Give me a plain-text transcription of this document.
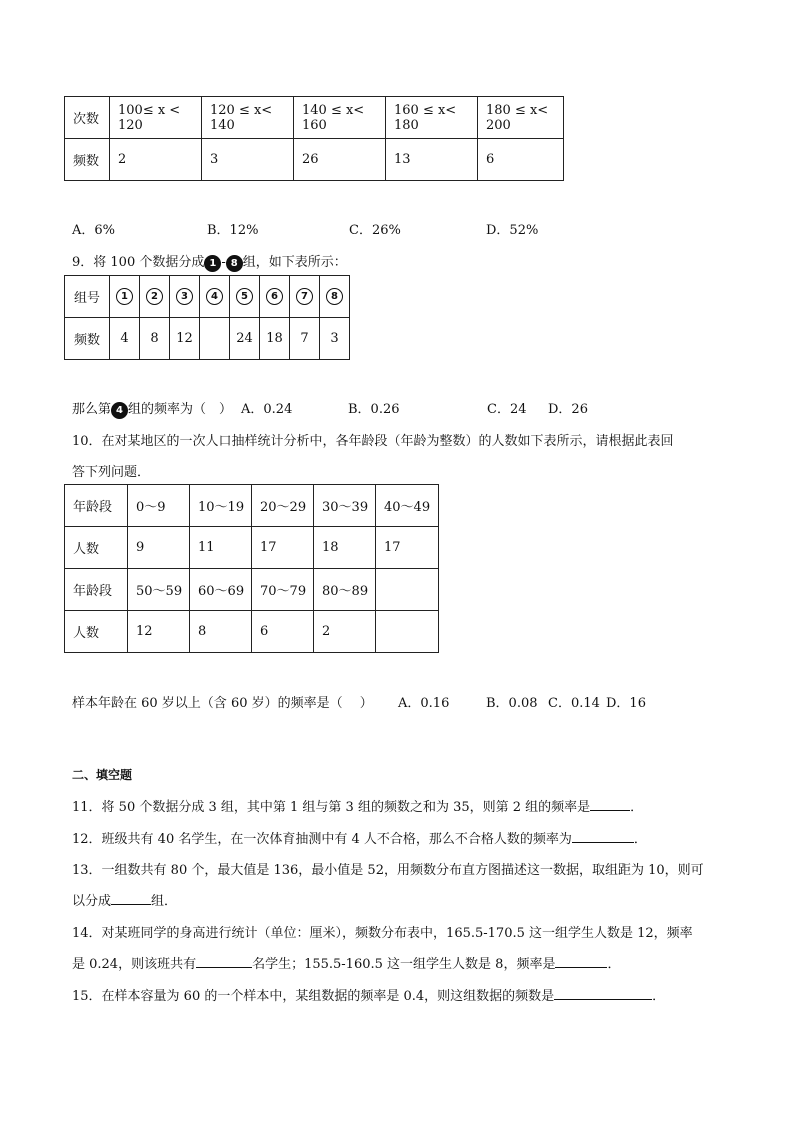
次数	100≤ x < 120	120 ≤ x< 140	140 ≤ x< 160	160 ≤ x< 180	180 ≤ x< 200
频数	2	3	26	13	6
A．6%	B．12%	C．26%	D．52%
9．将 100 个数据分成 1 - 8 组，如下表所示：
组号	1	2	3	4	5	6	7	8
频数	4	8	12		24	18	7	3
那么第 4 组的频率为（　） A．0.24	B．0.26	C．24 D．26
10．在对某地区的一次人口抽样统计分析中，各年龄段（年龄为整数）的人数如下表所示，请根据此表回
答下列问题．
年龄段	0～9	10～19	20～29	30～39	40～49
人数	9	11	17	18	17
年龄段	50～59	60～69	70～79	80～89	
人数	12	8	6	2	
样本年龄在 60 岁以上（含 60 岁）的频率是（　 ） A．0.16	B．0.08 C．0.14 D．16
二、填空题
11．将 50 个数据分成 3 组，其中第 1 组与第 3 组的频数之和为 35，则第 2 组的频率是	．
12．班级共有 40 名学生，在一次体育抽测中有 4 人不合格，那么不合格人数的频率为	．
13．一组数共有 80 个，最大值是 136，最小值是 52，用频数分布直方图描述这一数据，取组距为 10，则可
以分成	组．
14．对某班同学的身高进行统计（单位：厘米），频数分布表中，165.5-170.5 这一组学生人数是 12，频率
是 0.24，则该班共有	名学生；155.5-160.5 这一组学生人数是 8，频率是	．
15．在样本容量为 60 的一个样本中，某组数据的频率是 0.4，则这组数据的频数是	．
